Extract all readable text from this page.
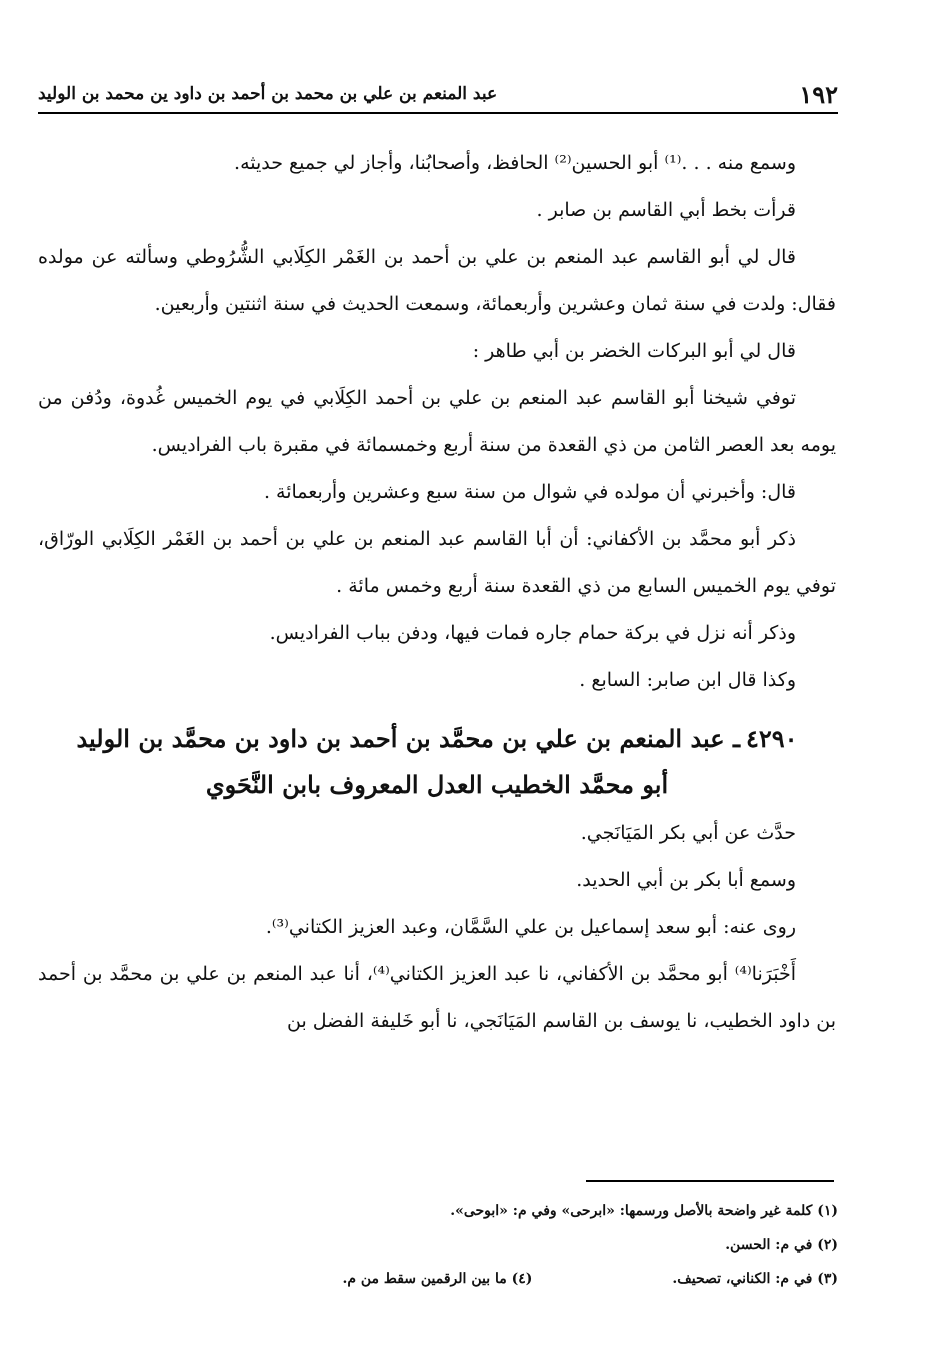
١٩٢
عبد المنعم بن علي بن محمد بن أحمد بن داود ين محمد بن الوليد

وسمع منه . . .⁽¹⁾ أبو الحسين⁽²⁾ الحافظ، وأصحابُنا، وأجاز لي جميع حديثه.

قرأت بخط أبي القاسم بن صابر .

قال لي أبو القاسم عبد المنعم بن علي بن أحمد بن الغَمْر الكِلَابي الشُّرُوطي وسألته عن مولده فقال: ولدت في سنة ثمان وعشرين وأربعمائة، وسمعت الحديث في سنة اثنتين وأربعين.

قال لي أبو البركات الخضر بن أبي طاهر :

توفي شيخنا أبو القاسم عبد المنعم بن علي بن أحمد الكِلَابي في يوم الخميس غُدوة، ودُفن من يومه بعد العصر الثامن من ذي القعدة من سنة أربع وخمسمائة في مقبرة باب الفراديس.

قال: وأخبرني أن مولده في شوال من سنة سبع وعشرين وأربعمائة .

ذكر أبو محمَّد بن الأكفاني: أن أبا القاسم عبد المنعم بن علي بن أحمد بن الغَمْر الكِلَابي الورّاق، توفي يوم الخميس السابع من ذي القعدة سنة أربع وخمس مائة .

وذكر أنه نزل في بركة حمام جاره فمات فيها، ودفن بباب الفراديس.

وكذا قال ابن صابر: السابع .

٤٢٩٠ـ عبد المنعم بن علي بن محمَّد بن أحمد بن داود بن محمَّد بن الوليد
أبو محمَّد الخطيب العدل المعروف بابن النَّحَوي

حدَّث عن أبي بكر المَيَانَجي.

وسمع أبا بكر بن أبي الحديد.

روى عنه: أبو سعد إسماعيل بن علي السَّمَّان، وعبد العزيز الكتاني⁽³⁾.

أَخْبَرَنا⁽⁴⁾ أبو محمَّد بن الأكفاني، نا عبد العزيز الكتاني⁽⁴⁾، أنا عبد المنعم بن علي بن محمَّد بن أحمد بن داود الخطيب، نا يوسف بن القاسم المَيَانَجي، نا أبو خَليفة الفضل بن

(١) كلمة غير واضحة بالأصل ورسمها: «ابرحى» وفي م: «ابوحى».
(٢) في م: الحسن.
(٣) في م: الكناني، تصحيف.
(٤) ما بين الرقمين سقط من م.
